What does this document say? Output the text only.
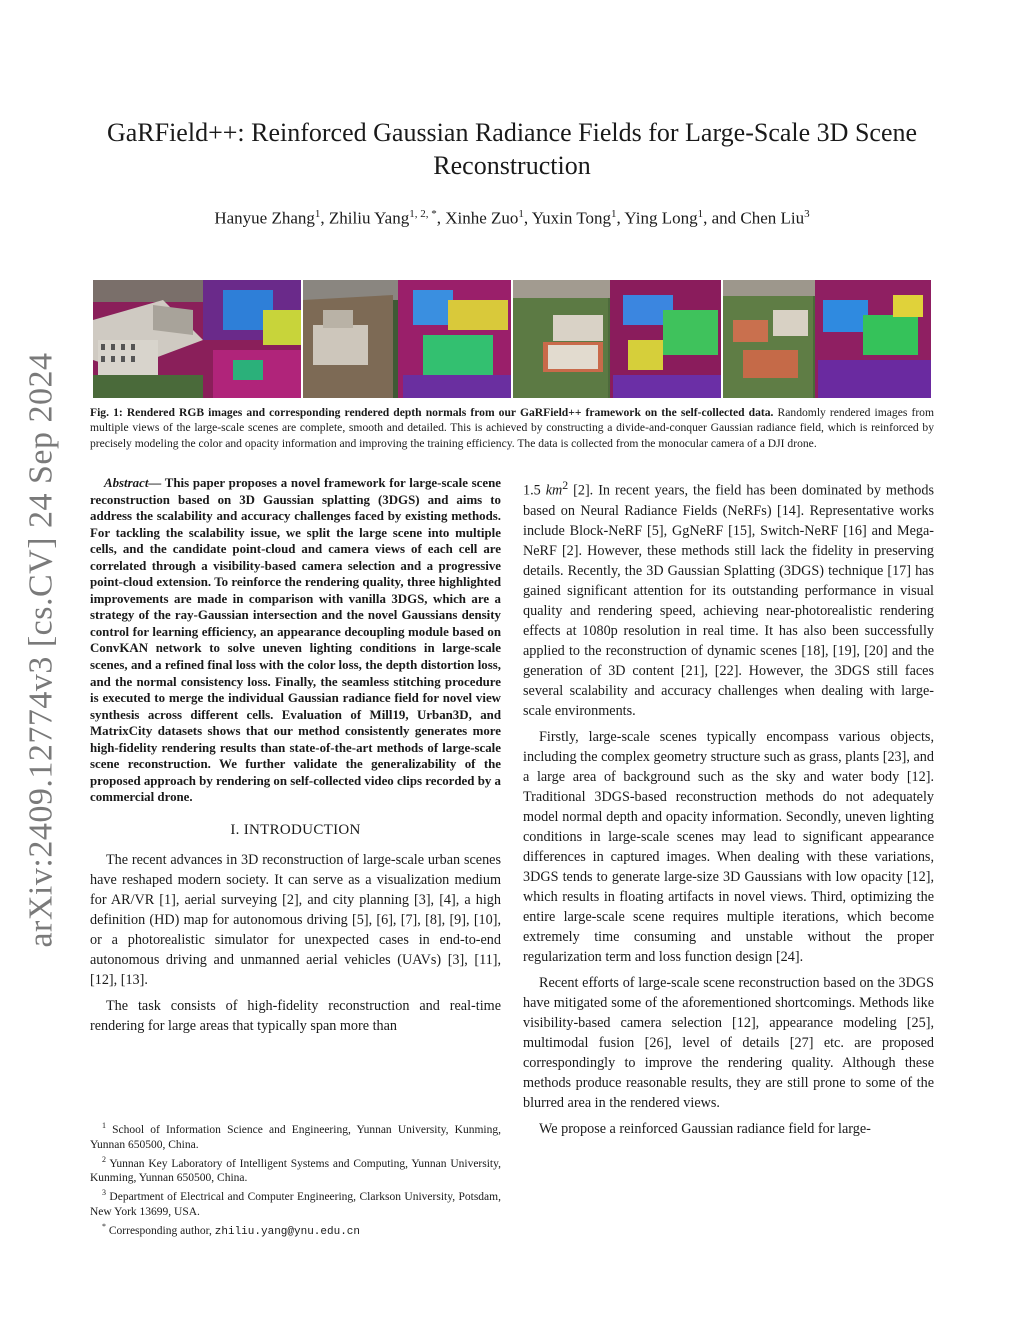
arXiv:2409.12774v3 [cs.CV] 24 Sep 2024
GaRField++: Reinforced Gaussian Radiance Fields for Large-Scale 3D Scene Reconstruction
Hanyue Zhang$^1$, Zhiliu Yang$^{1, 2, *}$, Xinhe Zuo$^1$, Yuxin Tong$^1$, Ying Long$^1$, and Chen Liu$^3$
Fig. 1: Rendered RGB images and corresponding rendered depth normals from our GaRField++ framework on the self-collected data. Randomly rendered images from multiple views of the large-scale scenes are complete, smooth and detailed. This is achieved by constructing a divide-and-conquer Gaussian radiance field, which is reinforced by precisely modeling the color and opacity information and improving the training efficiency. The data is collected from the monocular camera of a DJI drone.

Abstract— This paper proposes a novel framework for large-scale scene reconstruction based on 3D Gaussian splatting (3DGS) and aims to address the scalability and accuracy challenges faced by existing methods. For tackling the scalability issue, we split the large scene into multiple cells, and the candidate point-cloud and camera views of each cell are correlated through a visibility-based camera selection and a progressive point-cloud extension. To reinforce the rendering quality, three highlighted improvements are made in comparison with vanilla 3DGS, which are a strategy of the ray-Gaussian intersection and the novel Gaussians density control for learning efficiency, an appearance decoupling module based on ConvKAN network to solve uneven lighting conditions in large-scale scenes, and a refined final loss with the color loss, the depth distortion loss, and the normal consistency loss. Finally, the seamless stitching procedure is executed to merge the individual Gaussian radiance field for novel view synthesis across different cells. Evaluation of Mill19, Urban3D, and MatrixCity datasets shows that our method consistently generates more high-fidelity rendering results than state-of-the-art methods of large-scale scene reconstruction. We further validate the generalizability of the proposed approach by rendering on self-collected video clips recorded by a commercial drone.

I. INTRODUCTION

The recent advances in 3D reconstruction of large-scale urban scenes have reshaped modern society. It can serve as a visualization medium for AR/VR [1], aerial surveying [2], and city planning [3], [4], a high definition (HD) map for autonomous driving [5], [6], [7], [8], [9], [10], or a photorealistic simulator for unexpected cases in end-to-end autonomous driving and unmanned aerial vehicles (UAVs) [3], [11], [12], [13].

The task consists of high-fidelity reconstruction and real-time rendering for large areas that typically span more than

1.5 $km^2$ [2]. In recent years, the field has been dominated by methods based on Neural Radiance Fields (NeRFs) [14]. Representative works include Block-NeRF [5], GgNeRF [15], Switch-NeRF [16] and Mega-NeRF [2]. However, these methods still lack the fidelity in preserving details. Recently, the 3D Gaussian Splatting (3DGS) technique [17] has gained significant attention for its outstanding performance in visual quality and rendering speed, achieving near-photorealistic rendering effects at 1080p resolution in real time. It has also been successfully applied to the reconstruction of dynamic scenes [18], [19], [20] and the generation of 3D content [21], [22]. However, the 3DGS still faces several scalability and accuracy challenges when dealing with large-scale environments.

Firstly, large-scale scenes typically encompass various objects, including the complex geometry structure such as grass, plants [23], and a large area of background such as the sky and water body [12]. Traditional 3DGS-based reconstruction methods do not adequately model normal depth and opacity information. Secondly, uneven lighting conditions in large-scale scenes may lead to significant appearance differences in captured images. When dealing with these variations, 3DGS tends to generate large-size 3D Gaussians with low opacity [12], which results in floating artifacts in novel views. Third, optimizing the entire large-scale scene requires multiple iterations, which become extremely time consuming and unstable without the proper regularization term and loss function design [24].

Recent efforts of large-scale scene reconstruction based on the 3DGS have mitigated some of the aforementioned shortcomings. Methods like visibility-based camera selection [12], appearance modeling [25], multimodal fusion [26], level of details [27] etc. are proposed correspondingly to improve the rendering quality. Although these methods produce reasonable results, they are still prone to some of the blurred area in the rendered views.

We propose a reinforced Gaussian radiance field for large-

$^1$ School of Information Science and Engineering, Yunnan University, Kunming, Yunnan 650500, China.

$^2$ Yunnan Key Laboratory of Intelligent Systems and Computing, Yunnan University, Kunming, Yunnan 650500, China.

$^3$ Department of Electrical and Computer Engineering, Clarkson University, Potsdam, New York 13699, USA.

* Corresponding author, zhiliu.yang@ynu.edu.cn
